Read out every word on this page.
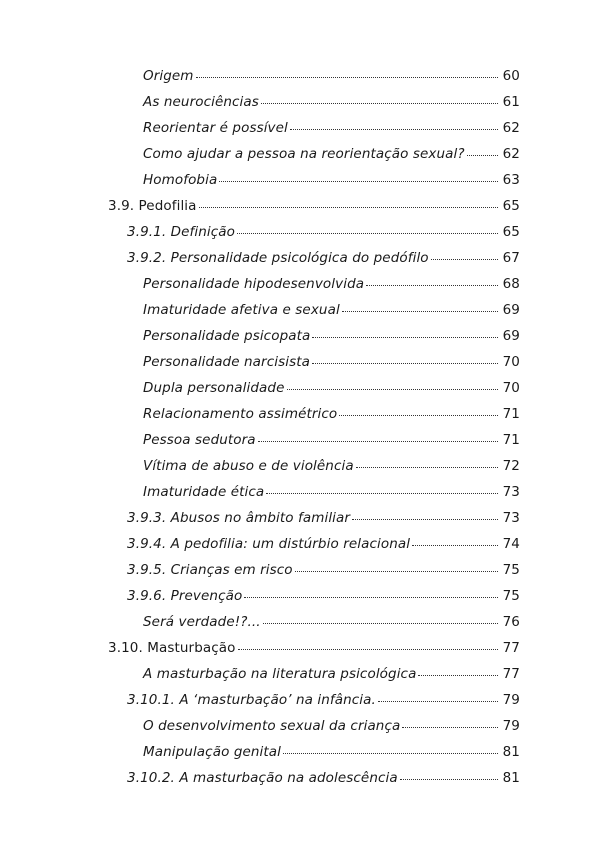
Origem	60
As neurociências	61
Reorientar é possível	62
Como ajudar a pessoa na reorientação sexual?	62
Homofobia	63
3.9. Pedofilia	65
3.9.1. Definição	65
3.9.2. Personalidade psicológica do pedófilo	67
Personalidade hipodesenvolvida	68
Imaturidade afetiva e sexual	69
Personalidade psicopata	69
Personalidade narcisista	70
Dupla personalidade	70
Relacionamento assimétrico	71
Pessoa sedutora	71
Vítima de abuso e de violência	72
Imaturidade ética	73
3.9.3. Abusos no âmbito familiar	73
3.9.4. A pedofilia: um distúrbio relacional	74
3.9.5. Crianças em risco	75
3.9.6. Prevenção	75
Será verdade!?...	76
3.10. Masturbação	77
A masturbação na literatura psicológica	77
3.10.1. A ‘masturbação’ na infância.	79
O desenvolvimento sexual da criança	79
Manipulação genital	81
3.10.2. A masturbação na adolescência	81
